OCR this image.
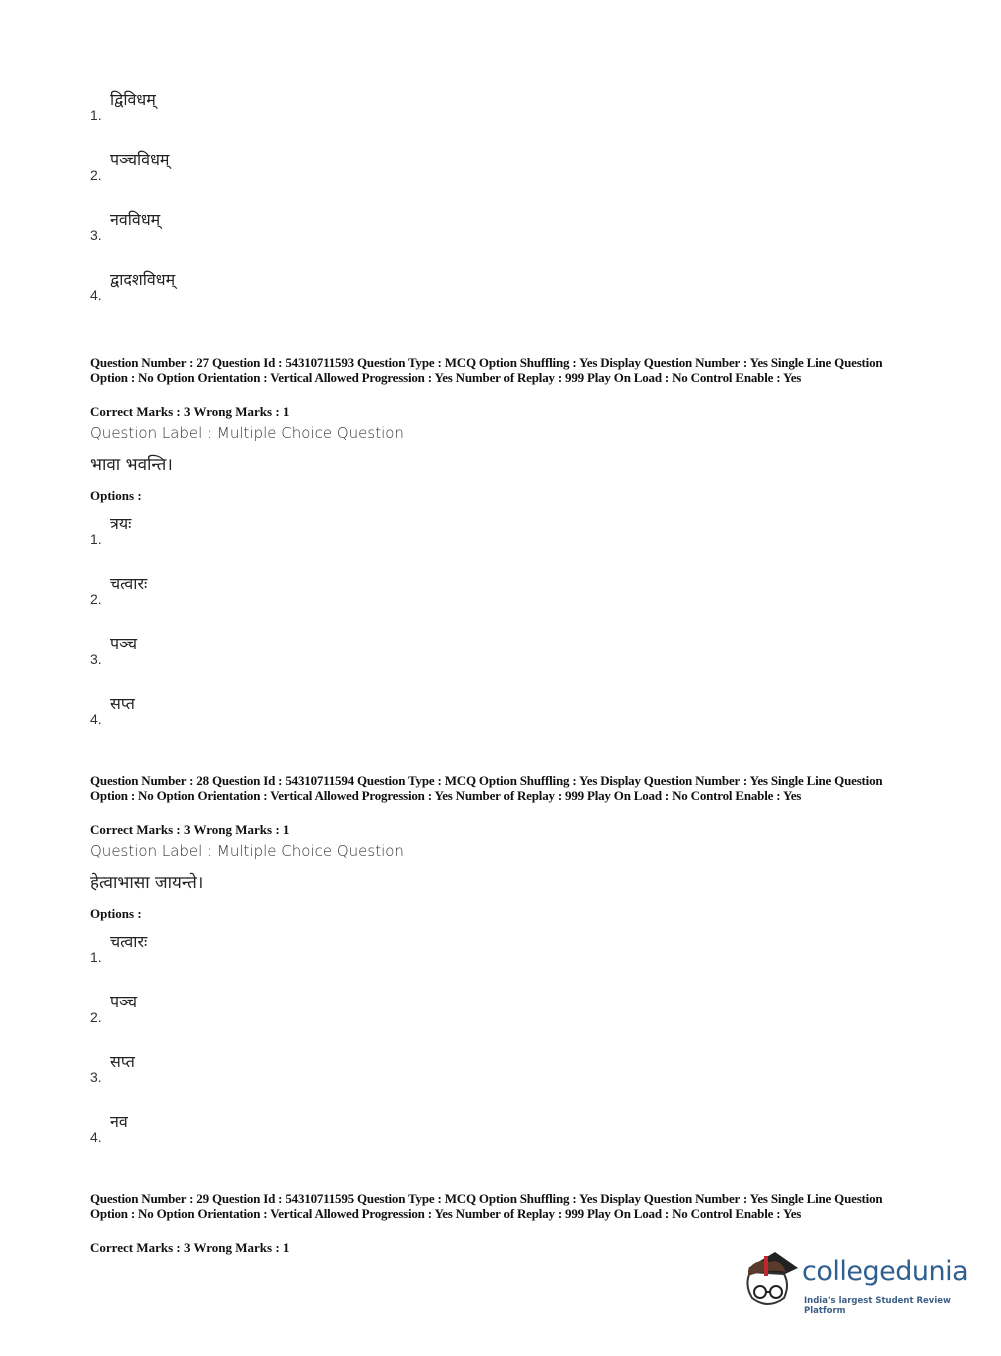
1.
द्विविधम्
2.
पञ्चविधम्
3.
नवविधम्
4.
द्वादशविधम्
Question Number : 27 Question Id : 54310711593 Question Type : MCQ Option Shuffling : Yes Display Question Number : Yes Single Line Question Option : No Option Orientation : Vertical Allowed Progression : Yes Number of Replay : 999 Play On Load : No Control Enable : Yes
Correct Marks : 3 Wrong Marks : 1
Question Label : Multiple Choice Question
भावा भवन्ति।
Options :
1.
त्रयः
2.
चत्वारः
3.
पञ्च
4.
सप्त
Question Number : 28 Question Id : 54310711594 Question Type : MCQ Option Shuffling : Yes Display Question Number : Yes Single Line Question Option : No Option Orientation : Vertical Allowed Progression : Yes Number of Replay : 999 Play On Load : No Control Enable : Yes
Correct Marks : 3 Wrong Marks : 1
Question Label : Multiple Choice Question
हेत्वाभासा जायन्ते।
Options :
1.
चत्वारः
2.
पञ्च
3.
सप्त
4.
नव
Question Number : 29 Question Id : 54310711595 Question Type : MCQ Option Shuffling : Yes Display Question Number : Yes Single Line Question Option : No Option Orientation : Vertical Allowed Progression : Yes Number of Replay : 999 Play On Load : No Control Enable : Yes
Correct Marks : 3 Wrong Marks : 1
collegedunia
India's largest Student Review Platform
